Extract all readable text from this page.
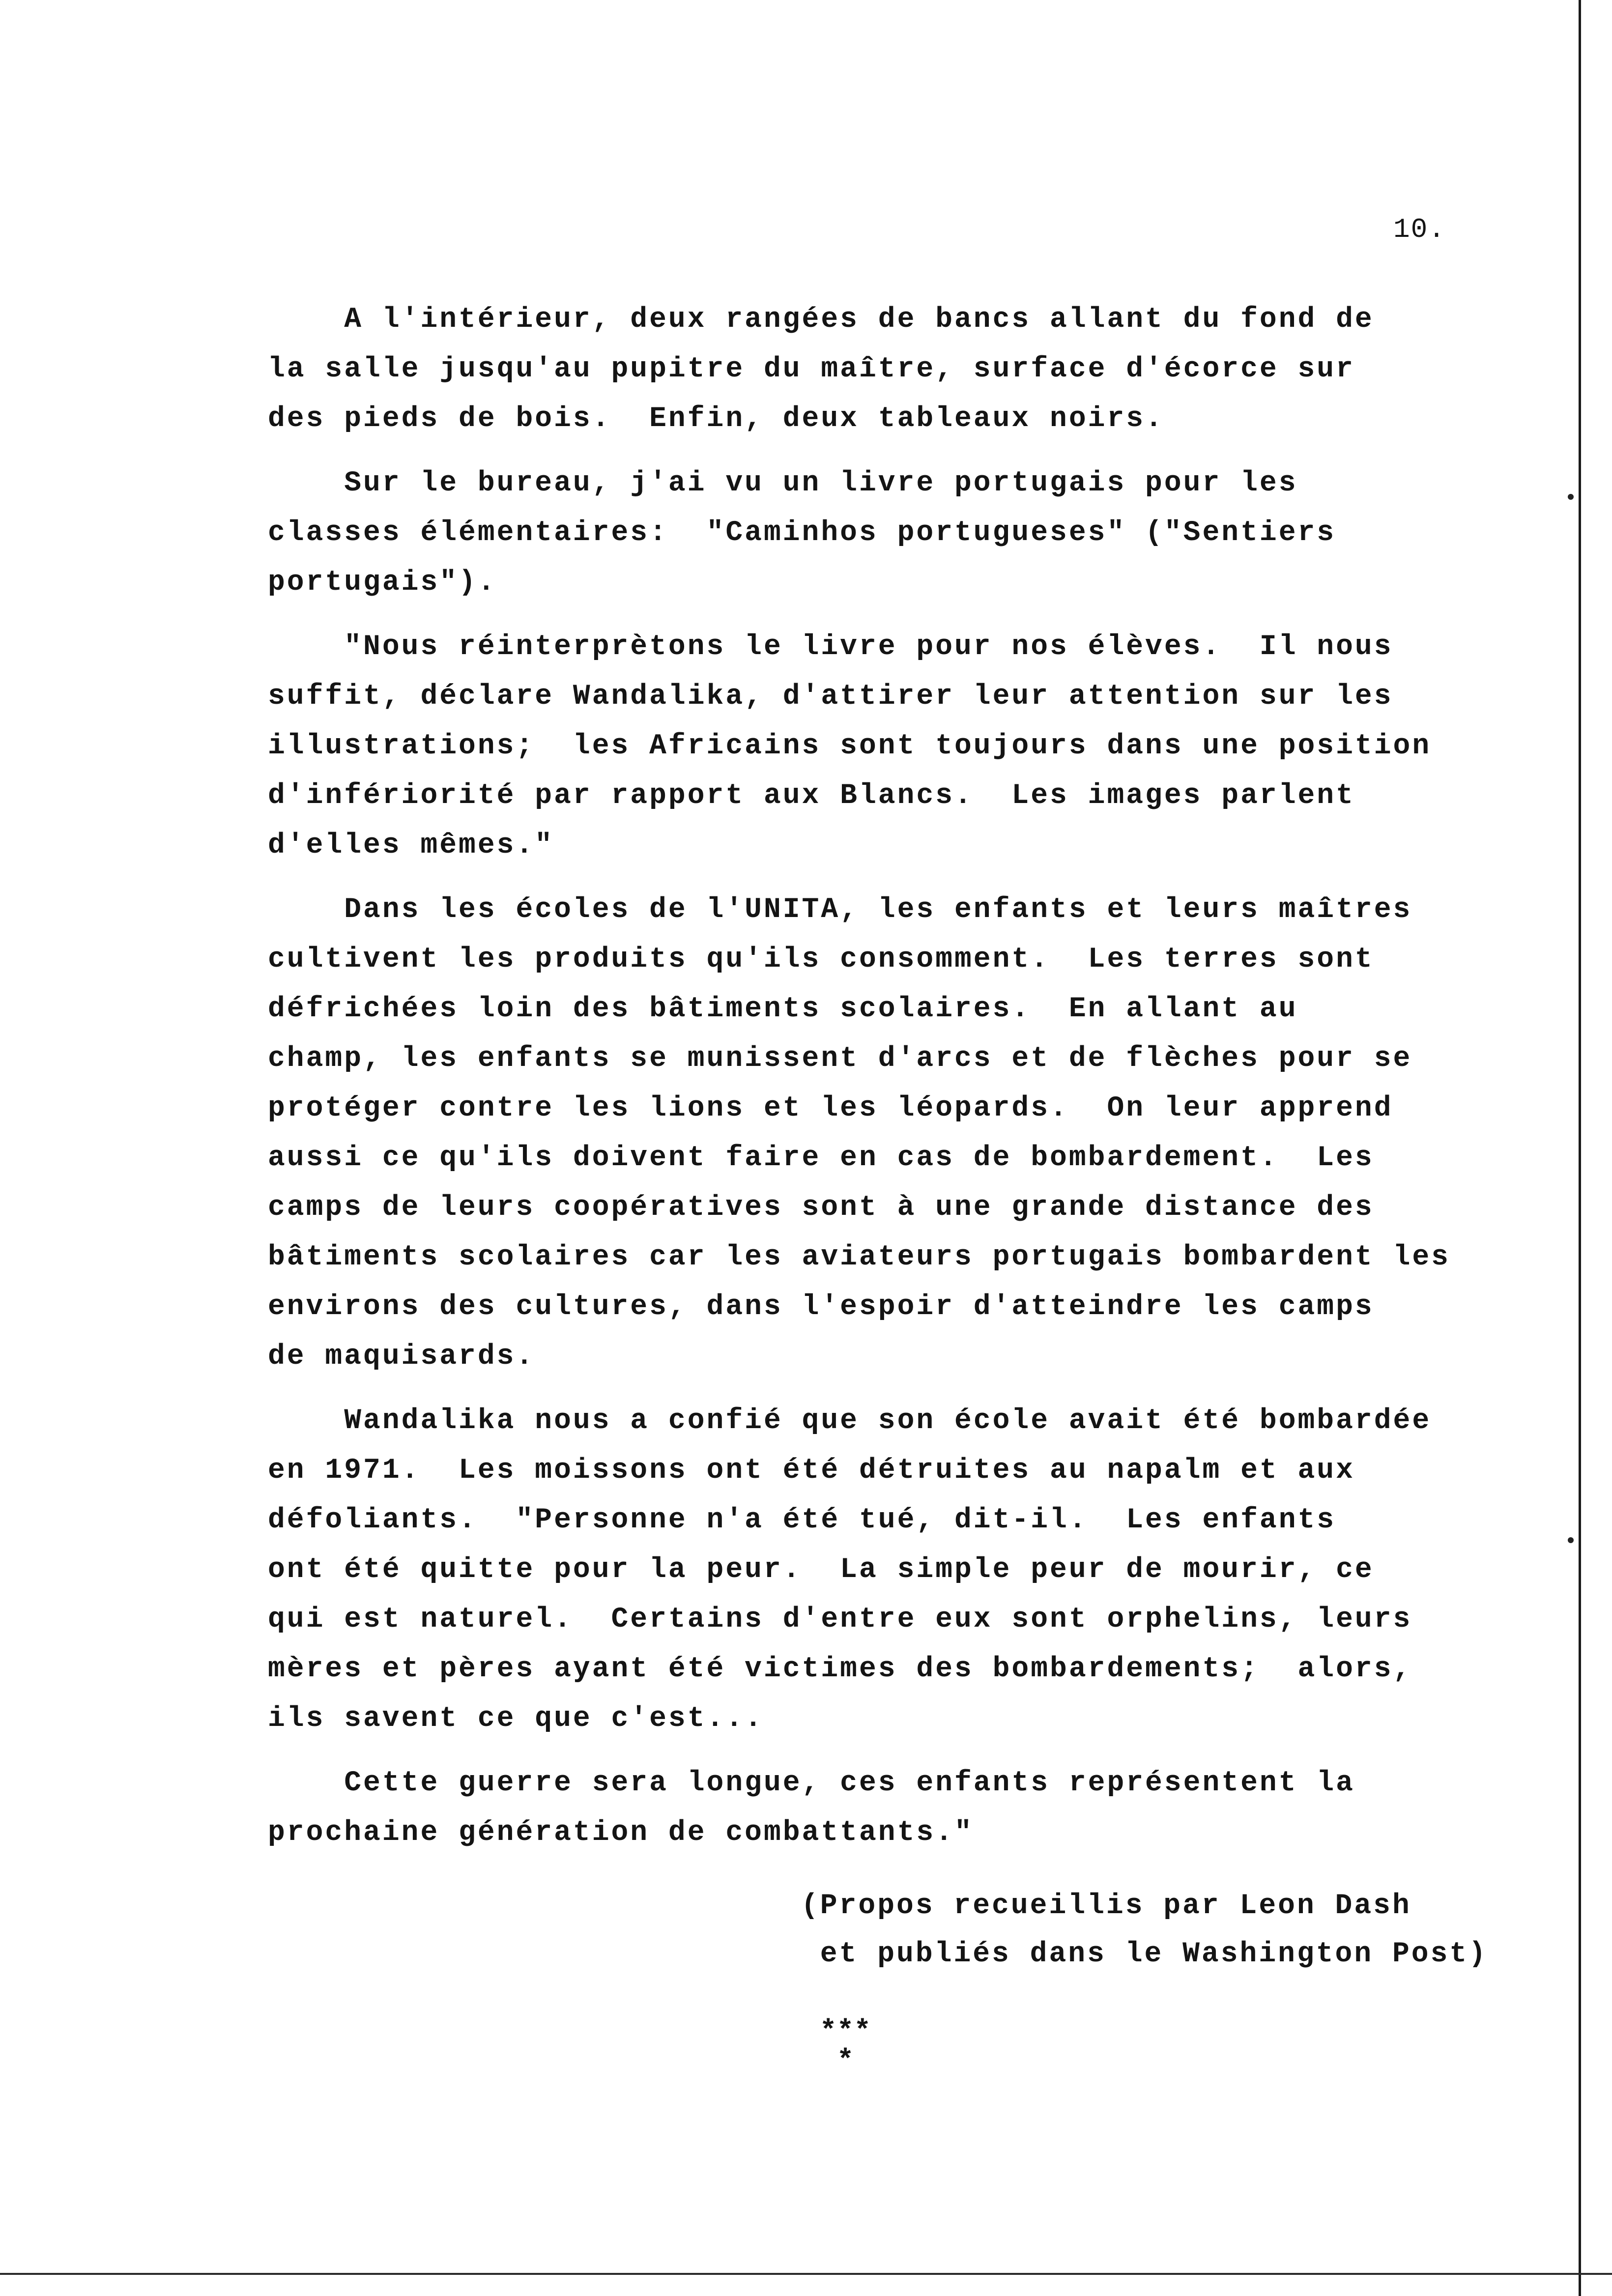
10.
A l'intérieur, deux rangées de bancs allant du fond de
la salle jusqu'au pupitre du maître, surface d'écorce sur
des pieds de bois.  Enfin, deux tableaux noirs.
Sur le bureau, j'ai vu un livre portugais pour les
classes élémentaires:  "Caminhos portugueses" ("Sentiers
portugais").
"Nous réinterprètons le livre pour nos élèves.  Il nous
suffit, déclare Wandalika, d'attirer leur attention sur les
illustrations;  les Africains sont toujours dans une position
d'infériorité par rapport aux Blancs.  Les images parlent
d'elles mêmes."
Dans les écoles de l'UNITA, les enfants et leurs maîtres
cultivent les produits qu'ils consomment.  Les terres sont
défrichées loin des bâtiments scolaires.  En allant au
champ, les enfants se munissent d'arcs et de flèches pour se
protéger contre les lions et les léopards.  On leur apprend
aussi ce qu'ils doivent faire en cas de bombardement.  Les
camps de leurs coopératives sont à une grande distance des
bâtiments scolaires car les aviateurs portugais bombardent les
environs des cultures, dans l'espoir d'atteindre les camps
de maquisards.
Wandalika nous a confié que son école avait été bombardée
en 1971.  Les moissons ont été détruites au napalm et aux
défoliants.  "Personne n'a été tué, dit-il.  Les enfants
ont été quitte pour la peur.  La simple peur de mourir, ce
qui est naturel.  Certains d'entre eux sont orphelins, leurs
mères et pères ayant été victimes des bombardements;  alors,
ils savent ce que c'est...
Cette guerre sera longue, ces enfants représentent la
prochaine génération de combattants."
(Propos recueillis par Leon Dash
et publiés dans le Washington Post)
***
*
